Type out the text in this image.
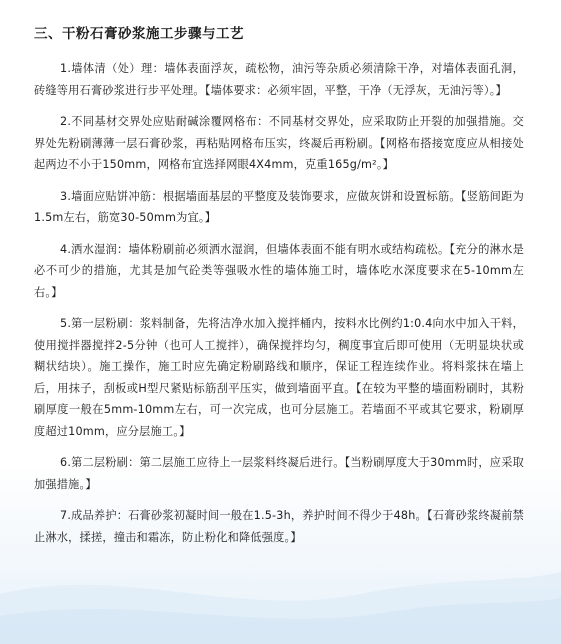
三、干粉石膏砂浆施工步骤与工艺

1.墙体清（处）理：墙体表面浮灰，疏松物，油污等杂质必须清除干净，对墙体表面孔洞，砖缝等用石膏砂浆进行步平处理。【墙体要求：必须牢固，平整，干净（无浮灰，无油污等）。】

2.不同基材交界处应贴耐碱涂覆网格布：不同基材交界处，应采取防止开裂的加强措施。交界处先粉刷薄薄一层石膏砂浆，再粘贴网格布压实，终凝后再粉刷。【网格布搭接宽度应从相接处起两边不小于150mm，网格布宜选择网眼4X4mm，克重165g/m²。】

3.墙面应贴饼冲筋：根据墙面基层的平整度及装饰要求，应做灰饼和设置标筋。【竖筋间距为1.5m左右，筋宽30-50mm为宜。】

4.洒水湿润：墙体粉刷前必须洒水湿润，但墙体表面不能有明水或结构疏松。【充分的淋水是必不可少的措施，尤其是加气砼类等强吸水性的墙体施工时，墙体吃水深度要求在5-10mm左右。】

5.第一层粉刷：浆料制备，先将洁净水加入搅拌桶内，按料水比例约1:0.4向水中加入干料，使用搅拌器搅拌2-5分钟（也可人工搅拌），确保搅拌均匀，稠度事宜后即可使用（无明显块状或糊状结块）。施工操作，施工时应先确定粉刷路线和顺序，保证工程连续作业。将料浆抹在墙上后，用抹子，刮板或H型尺紧贴标筋刮平压实，做到墙面平直。【在较为平整的墙面粉刷时，其粉刷厚度一般在5mm-10mm左右，可一次完成，也可分层施工。若墙面不平或其它要求，粉刷厚度超过10mm，应分层施工。】

6.第二层粉刷：第二层施工应待上一层浆料终凝后进行。【当粉刷厚度大于30mm时，应采取加强措施。】

7.成品养护：石膏砂浆初凝时间一般在1.5-3h，养护时间不得少于48h。【石膏砂浆终凝前禁止淋水，揉搓，撞击和霜冻，防止粉化和降低强度。】
